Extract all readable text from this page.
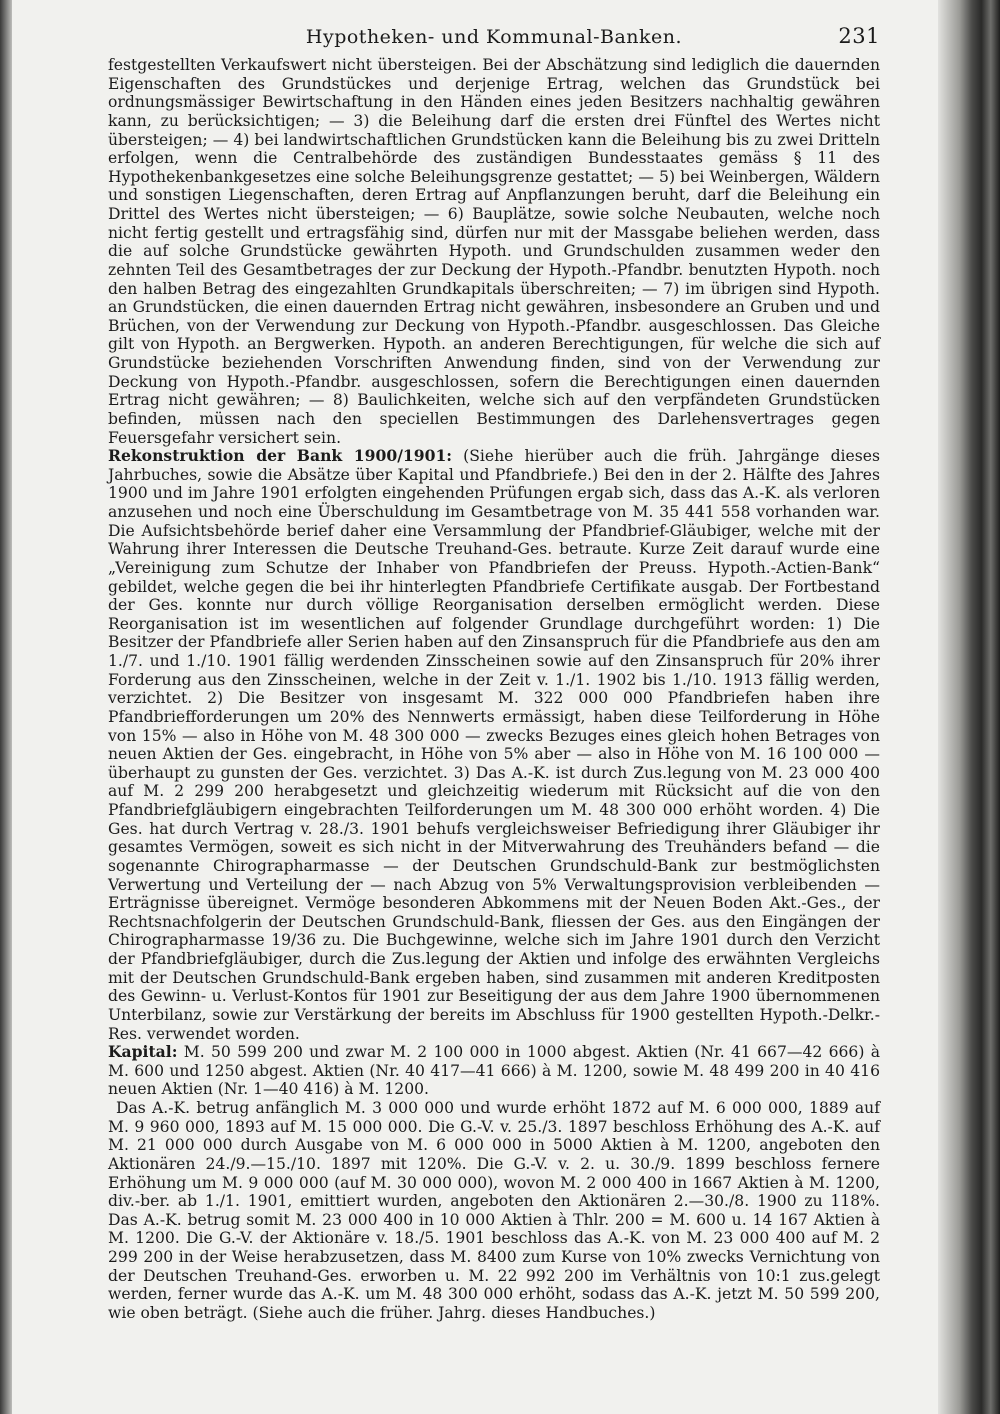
Hypotheken- und Kommunal-Banken.	231

festgestellten Verkaufswert nicht übersteigen. Bei der Abschätzung sind lediglich die dauernden Eigenschaften des Grundstückes und derjenige Ertrag, welchen das Grundstück bei ordnungsmässiger Bewirtschaftung in den Händen eines jeden Besitzers nachhaltig gewähren kann, zu berücksichtigen; — 3) die Beleihung darf die ersten drei Fünftel des Wertes nicht übersteigen; — 4) bei landwirtschaftlichen Grundstücken kann die Beleihung bis zu zwei Dritteln erfolgen, wenn die Centralbehörde des zuständigen Bundesstaates gemäss § 11 des Hypothekenbankgesetzes eine solche Beleihungsgrenze gestattet; — 5) bei Weinbergen, Wäldern und sonstigen Liegenschaften, deren Ertrag auf Anpflanzungen beruht, darf die Beleihung ein Drittel des Wertes nicht übersteigen; — 6) Bauplätze, sowie solche Neubauten, welche noch nicht fertig gestellt und ertragsfähig sind, dürfen nur mit der Massgabe beliehen werden, dass die auf solche Grundstücke gewährten Hypoth. und Grundschulden zusammen weder den zehnten Teil des Gesamtbetrages der zur Deckung der Hypoth.-Pfandbr. benutzten Hypoth. noch den halben Betrag des eingezahlten Grundkapitals überschreiten; — 7) im übrigen sind Hypoth. an Grundstücken, die einen dauernden Ertrag nicht gewähren, insbesondere an Gruben und und Brüchen, von der Verwendung zur Deckung von Hypoth.-Pfandbr. ausgeschlossen. Das Gleiche gilt von Hypoth. an Bergwerken. Hypoth. an anderen Berechtigungen, für welche die sich auf Grundstücke beziehenden Vorschriften Anwendung finden, sind von der Verwendung zur Deckung von Hypoth.-Pfandbr. ausgeschlossen, sofern die Berechtigungen einen dauernden Ertrag nicht gewähren; — 8) Baulichkeiten, welche sich auf den verpfändeten Grundstücken befinden, müssen nach den speciellen Bestimmungen des Darlehensvertrages gegen Feuersgefahr versichert sein.

Rekonstruktion der Bank 1900/1901: (Siehe hierüber auch die früh. Jahrgänge dieses Jahrbuches, sowie die Absätze über Kapital und Pfandbriefe.) Bei den in der 2. Hälfte des Jahres 1900 und im Jahre 1901 erfolgten eingehenden Prüfungen ergab sich, dass das A.-K. als verloren anzusehen und noch eine Überschuldung im Gesamtbetrage von M. 35 441 558 vorhanden war. Die Aufsichtsbehörde berief daher eine Versammlung der Pfandbrief-Gläubiger, welche mit der Wahrung ihrer Interessen die Deutsche Treuhand-Ges. betraute. Kurze Zeit darauf wurde eine „Vereinigung zum Schutze der Inhaber von Pfandbriefen der Preuss. Hypoth.-Actien-Bank“ gebildet, welche gegen die bei ihr hinterlegten Pfandbriefe Certifikate ausgab. Der Fortbestand der Ges. konnte nur durch völlige Reorganisation derselben ermöglicht werden. Diese Reorganisation ist im wesentlichen auf folgender Grundlage durchgeführt worden: 1) Die Besitzer der Pfandbriefe aller Serien haben auf den Zinsanspruch für die Pfandbriefe aus den am 1./7. und 1./10. 1901 fällig werdenden Zinsscheinen sowie auf den Zinsanspruch für 20% ihrer Forderung aus den Zinsscheinen, welche in der Zeit v. 1./1. 1902 bis 1./10. 1913 fällig werden, verzichtet. 2) Die Besitzer von insgesamt M. 322 000 000 Pfandbriefen haben ihre Pfandbriefforderungen um 20% des Nennwerts ermässigt, haben diese Teilforderung in Höhe von 15% — also in Höhe von M. 48 300 000 — zwecks Bezuges eines gleich hohen Betrages von neuen Aktien der Ges. eingebracht, in Höhe von 5% aber — also in Höhe von M. 16 100 000 — überhaupt zu gunsten der Ges. verzichtet. 3) Das A.-K. ist durch Zus.legung von M. 23 000 400 auf M. 2 299 200 herabgesetzt und gleichzeitig wiederum mit Rücksicht auf die von den Pfandbriefgläubigern eingebrachten Teilforderungen um M. 48 300 000 erhöht worden. 4) Die Ges. hat durch Vertrag v. 28./3. 1901 behufs vergleichsweiser Befriedigung ihrer Gläubiger ihr gesamtes Vermögen, soweit es sich nicht in der Mitverwahrung des Treuhänders befand — die sogenannte Chirographarmasse — der Deutschen Grundschuld-Bank zur bestmöglichsten Verwertung und Verteilung der — nach Abzug von 5% Verwaltungsprovision verbleibenden — Erträgnisse übereignet. Vermöge besonderen Abkommens mit der Neuen Boden Akt.-Ges., der Rechtsnachfolgerin der Deutschen Grundschuld-Bank, fliessen der Ges. aus den Eingängen der Chirographarmasse 19/36 zu. Die Buchgewinne, welche sich im Jahre 1901 durch den Verzicht der Pfandbriefgläubiger, durch die Zus.legung der Aktien und infolge des erwähnten Vergleichs mit der Deutschen Grundschuld-Bank ergeben haben, sind zusammen mit anderen Kreditposten des Gewinn- u. Verlust-Kontos für 1901 zur Beseitigung der aus dem Jahre 1900 übernommenen Unterbilanz, sowie zur Verstärkung der bereits im Abschluss für 1900 gestellten Hypoth.-Delkr.-Res. verwendet worden.

Kapital: M. 50 599 200 und zwar M. 2 100 000 in 1000 abgest. Aktien (Nr. 41 667—42 666) à M. 600 und 1250 abgest. Aktien (Nr. 40 417—41 666) à M. 1200, sowie M. 48 499 200 in 40 416 neuen Aktien (Nr. 1—40 416) à M. 1200.

Das A.-K. betrug anfänglich M. 3 000 000 und wurde erhöht 1872 auf M. 6 000 000, 1889 auf M. 9 960 000, 1893 auf M. 15 000 000. Die G.-V. v. 25./3. 1897 beschloss Erhöhung des A.-K. auf M. 21 000 000 durch Ausgabe von M. 6 000 000 in 5000 Aktien à M. 1200, angeboten den Aktionären 24./9.—15./10. 1897 mit 120%. Die G.-V. v. 2. u. 30./9. 1899 beschloss fernere Erhöhung um M. 9 000 000 (auf M. 30 000 000), wovon M. 2 000 400 in 1667 Aktien à M. 1200, div.-ber. ab 1./1. 1901, emittiert wurden, angeboten den Aktionären 2.—30./8. 1900 zu 118%. Das A.-K. betrug somit M. 23 000 400 in 10 000 Aktien à Thlr. 200 = M. 600 u. 14 167 Aktien à M. 1200. Die G.-V. der Aktionäre v. 18./5. 1901 beschloss das A.-K. von M. 23 000 400 auf M. 2 299 200 in der Weise herabzusetzen, dass M. 8400 zum Kurse von 10% zwecks Vernichtung von der Deutschen Treuhand-Ges. erworben u. M. 22 992 200 im Verhältnis von 10:1 zus.gelegt werden, ferner wurde das A.-K. um M. 48 300 000 erhöht, sodass das A.-K. jetzt M. 50 599 200, wie oben beträgt. (Siehe auch die früher. Jahrg. dieses Handbuches.)
